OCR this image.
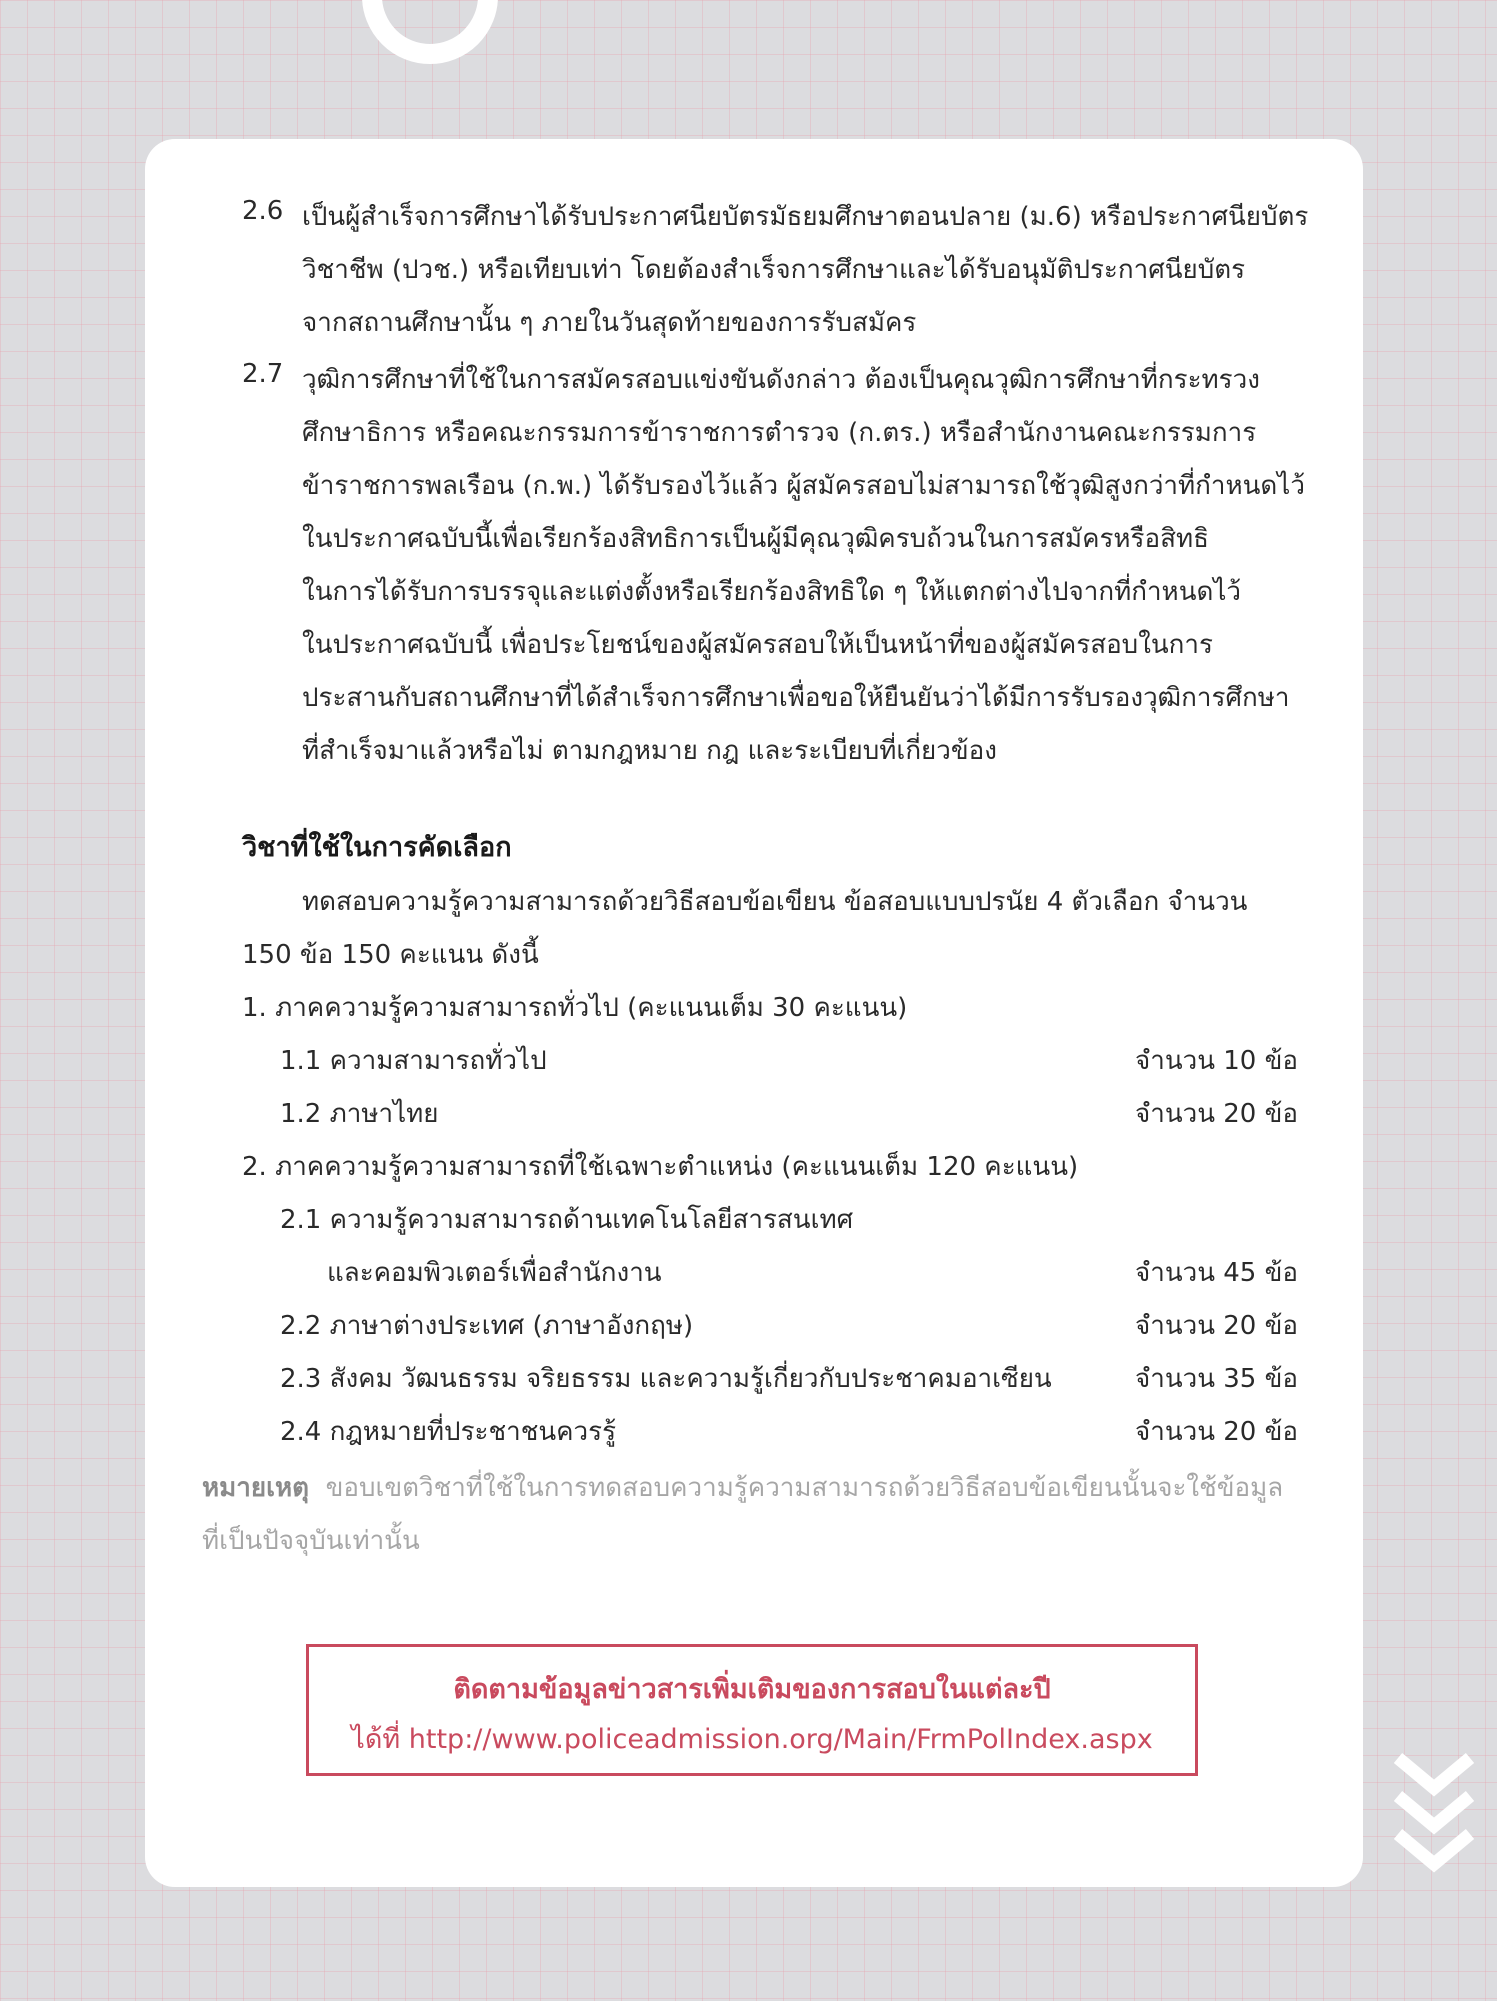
2.6 เป็นผู้สำเร็จการศึกษาได้รับประกาศนียบัตรมัธยมศึกษาตอนปลาย (ม.6) หรือประกาศนียบัตร
วิชาชีพ (ปวช.) หรือเทียบเท่า โดยต้องสำเร็จการศึกษาและได้รับอนุมัติประกาศนียบัตร
จากสถานศึกษานั้น ๆ ภายในวันสุดท้ายของการรับสมัคร
2.7 วุฒิการศึกษาที่ใช้ในการสมัครสอบแข่งขันดังกล่าว ต้องเป็นคุณวุฒิการศึกษาที่กระทรวง
ศึกษาธิการ หรือคณะกรรมการข้าราชการตำรวจ (ก.ตร.) หรือสำนักงานคณะกรรมการ
ข้าราชการพลเรือน (ก.พ.) ได้รับรองไว้แล้ว ผู้สมัครสอบไม่สามารถใช้วุฒิสูงกว่าที่กำหนดไว้
ในประกาศฉบับนี้เพื่อเรียกร้องสิทธิการเป็นผู้มีคุณวุฒิครบถ้วนในการสมัครหรือสิทธิ
ในการได้รับการบรรจุและแต่งตั้งหรือเรียกร้องสิทธิใด ๆ ให้แตกต่างไปจากที่กำหนดไว้
ในประกาศฉบับนี้ เพื่อประโยชน์ของผู้สมัครสอบให้เป็นหน้าที่ของผู้สมัครสอบในการ
ประสานกับสถานศึกษาที่ได้สำเร็จการศึกษาเพื่อขอให้ยืนยันว่าได้มีการรับรองวุฒิการศึกษา
ที่สำเร็จมาแล้วหรือไม่ ตามกฎหมาย กฎ และระเบียบที่เกี่ยวข้อง
วิชาที่ใช้ในการคัดเลือก
ทดสอบความรู้ความสามารถด้วยวิธีสอบข้อเขียน ข้อสอบแบบปรนัย 4 ตัวเลือก จำนวน
150 ข้อ 150 คะแนน ดังนี้
1. ภาคความรู้ความสามารถทั่วไป (คะแนนเต็ม 30 คะแนน)
1.1 ความสามารถทั่วไป	จำนวน 10 ข้อ
1.2 ภาษาไทย	จำนวน 20 ข้อ
2. ภาคความรู้ความสามารถที่ใช้เฉพาะตำแหน่ง (คะแนนเต็ม 120 คะแนน)
2.1 ความรู้ความสามารถด้านเทคโนโลยีสารสนเทศ
และคอมพิวเตอร์เพื่อสำนักงาน	จำนวน 45 ข้อ
2.2 ภาษาต่างประเทศ (ภาษาอังกฤษ)	จำนวน 20 ข้อ
2.3 สังคม วัฒนธรรม จริยธรรม และความรู้เกี่ยวกับประชาคมอาเซียน	จำนวน 35 ข้อ
2.4 กฎหมายที่ประชาชนควรรู้	จำนวน 20 ข้อ
หมายเหตุ ขอบเขตวิชาที่ใช้ในการทดสอบความรู้ความสามารถด้วยวิธีสอบข้อเขียนนั้นจะใช้ข้อมูล
ที่เป็นปัจจุบันเท่านั้น
ติดตามข้อมูลข่าวสารเพิ่มเติมของการสอบในแต่ละปี
ได้ที่ http://www.policeadmission.org/Main/FrmPolIndex.aspx
